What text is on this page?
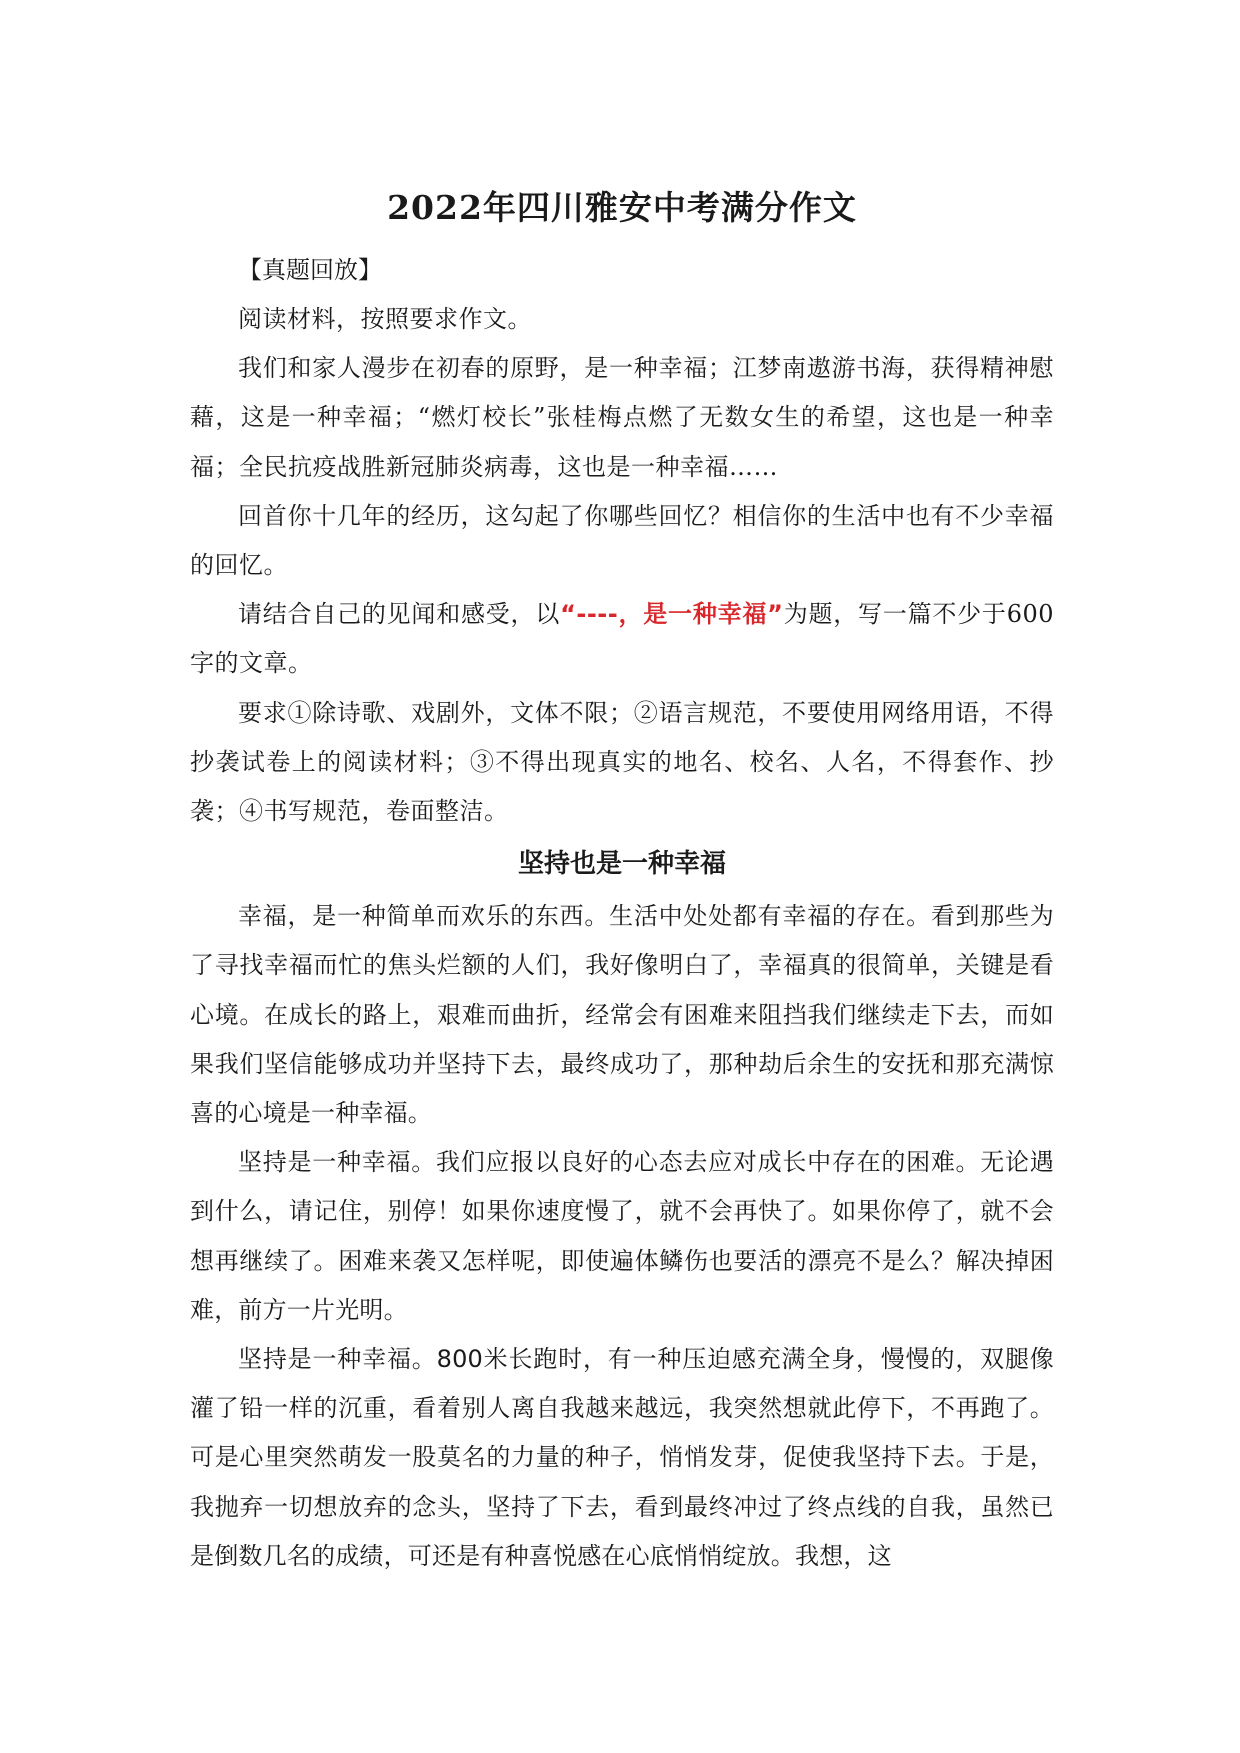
2022年四川雅安中考满分作文

【真题回放】

阅读材料，按照要求作文。

我们和家人漫步在初春的原野，是一种幸福；江梦南遨游书海，获得精神慰藉，这是一种幸福；“燃灯校长”张桂梅点燃了无数女生的希望，这也是一种幸福；全民抗疫战胜新冠肺炎病毒，这也是一种幸福……

回首你十几年的经历，这勾起了你哪些回忆？相信你的生活中也有不少幸福的回忆。

请结合自己的见闻和感受，以“----，是一种幸福”为题，写一篇不少于600字的文章。

要求①除诗歌、戏剧外，文体不限；②语言规范，不要使用网络用语，不得抄袭试卷上的阅读材料；③不得出现真实的地名、校名、人名，不得套作、抄袭；④书写规范，卷面整洁。

坚持也是一种幸福

幸福，是一种简单而欢乐的东西。生活中处处都有幸福的存在。看到那些为了寻找幸福而忙的焦头烂额的人们，我好像明白了，幸福真的很简单，关键是看心境。在成长的路上，艰难而曲折，经常会有困难来阻挡我们继续走下去，而如果我们坚信能够成功并坚持下去，最终成功了，那种劫后余生的安抚和那充满惊喜的心境是一种幸福。

坚持是一种幸福。我们应报以良好的心态去应对成长中存在的困难。无论遇到什么，请记住，别停！如果你速度慢了，就不会再快了。如果你停了，就不会想再继续了。困难来袭又怎样呢，即使遍体鳞伤也要活的漂亮不是么？解决掉困难，前方一片光明。

坚持是一种幸福。800米长跑时，有一种压迫感充满全身，慢慢的，双腿像灌了铅一样的沉重，看着别人离自我越来越远，我突然想就此停下，不再跑了。可是心里突然萌发一股莫名的力量的种子，悄悄发芽，促使我坚持下去。于是，我抛弃一切想放弃的念头，坚持了下去，看到最终冲过了终点线的自我，虽然已是倒数几名的成绩，可还是有种喜悦感在心底悄悄绽放。我想，这
